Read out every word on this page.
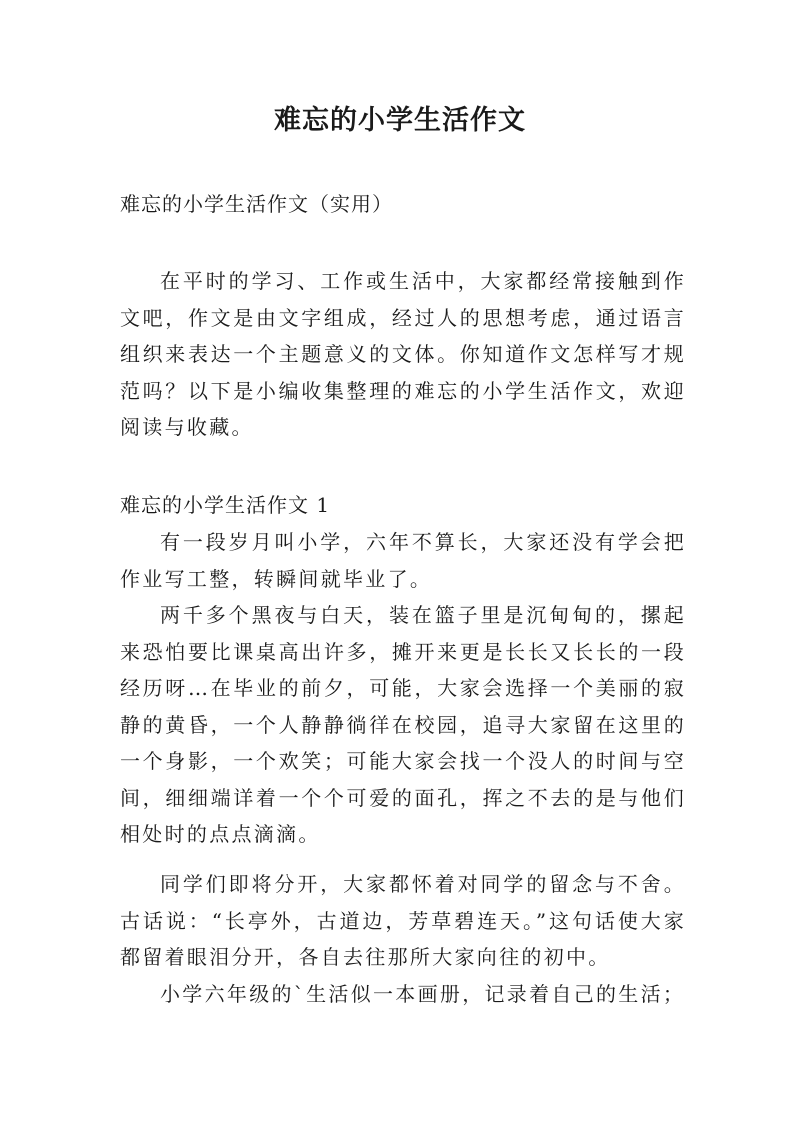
难忘的小学生活作文

难忘的小学生活作文（实用）

在平时的学习、工作或生活中，大家都经常接触到作文吧，作文是由文字组成，经过人的思想考虑，通过语言组织来表达一个主题意义的文体。你知道作文怎样写才规范吗？以下是小编收集整理的难忘的小学生活作文，欢迎阅读与收藏。

难忘的小学生活作文 1

有一段岁月叫小学，六年不算长，大家还没有学会把作业写工整，转瞬间就毕业了。

两千多个黑夜与白天，装在篮子里是沉甸甸的，摞起来恐怕要比课桌高出许多，摊开来更是长长又长长的一段经历呀…在毕业的前夕，可能，大家会选择一个美丽的寂静的黄昏，一个人静静徜徉在校园，追寻大家留在这里的一个身影，一个欢笑；可能大家会找一个没人的时间与空间，细细端详着一个个可爱的面孔，挥之不去的是与他们相处时的点点滴滴。

同学们即将分开，大家都怀着对同学的留念与不舍。古话说：“长亭外，古道边，芳草碧连天。”这句话使大家都留着眼泪分开，各自去往那所大家向往的初中。

小学六年级的`生活似一本画册，记录着自己的生活；
